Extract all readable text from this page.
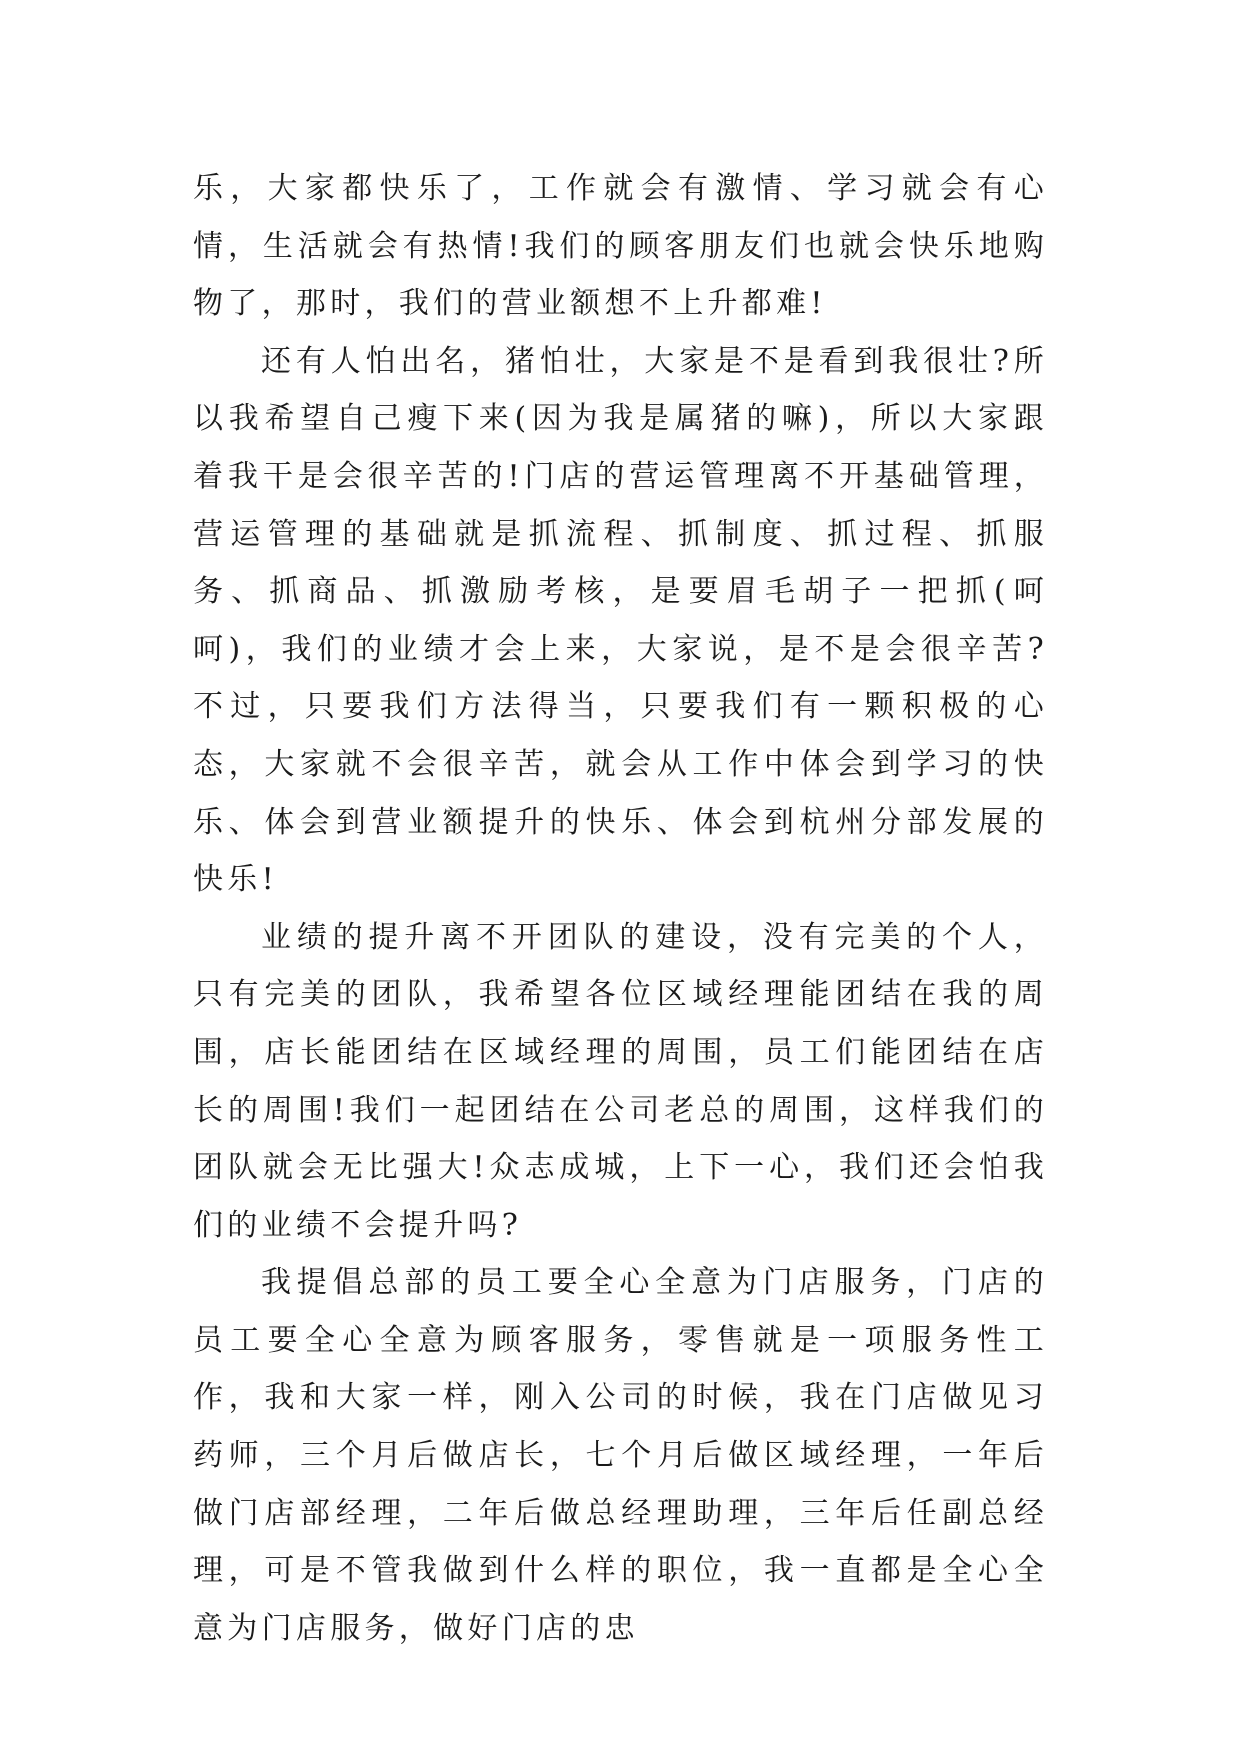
乐，大家都快乐了，工作就会有激情、学习就会有心情，生活就会有热情!我们的顾客朋友们也就会快乐地购物了，那时，我们的营业额想不上升都难!

还有人怕出名，猪怕壮，大家是不是看到我很壮?所以我希望自己瘦下来(因为我是属猪的嘛)，所以大家跟着我干是会很辛苦的!门店的营运管理离不开基础管理，营运管理的基础就是抓流程、抓制度、抓过程、抓服务、抓商品、抓激励考核，是要眉毛胡子一把抓(呵呵)，我们的业绩才会上来，大家说，是不是会很辛苦?不过，只要我们方法得当，只要我们有一颗积极的心态，大家就不会很辛苦，就会从工作中体会到学习的快乐、体会到营业额提升的快乐、体会到杭州分部发展的快乐!

业绩的提升离不开团队的建设，没有完美的个人，只有完美的团队，我希望各位区域经理能团结在我的周围，店长能团结在区域经理的周围，员工们能团结在店长的周围!我们一起团结在公司老总的周围，这样我们的团队就会无比强大!众志成城，上下一心，我们还会怕我们的业绩不会提升吗?

我提倡总部的员工要全心全意为门店服务，门店的员工要全心全意为顾客服务，零售就是一项服务性工作，我和大家一样，刚入公司的时候，我在门店做见习药师，三个月后做店长，七个月后做区域经理，一年后做门店部经理，二年后做总经理助理，三年后任副总经理，可是不管我做到什么样的职位，我一直都是全心全意为门店服务，做好门店的忠
